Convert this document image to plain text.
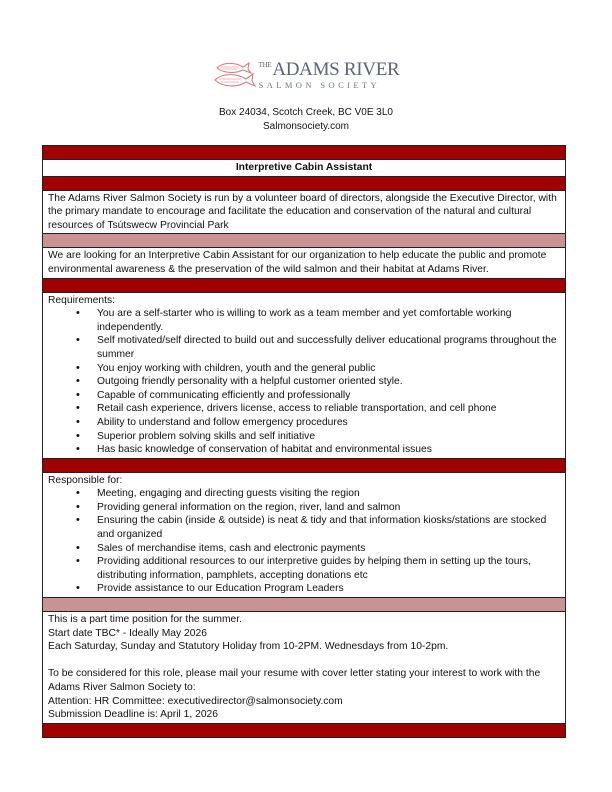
$^{THE}$ADAMS RIVER
SALMON SOCIETY
Box 24034, Scotch Creek, BC V0E 3L0
Salmonsociety.com
Interpretive Cabin Assistant
The Adams River Salmon Society is run by a volunteer board of directors, alongside the Executive Director, with the primary mandate to encourage and facilitate the education and conservation of the natural and cultural resources of Tsútswecw Provincial Park
We are looking for an Interpretive Cabin Assistant for our organization to help educate the public and promote environmental awareness & the preservation of the wild salmon and their habitat at Adams River.
Requirements:
• You are a self-starter who is willing to work as a team member and yet comfortable working independently.
• Self motivated/self directed to build out and successfully deliver educational programs throughout the summer
• You enjoy working with children, youth and the general public
• Outgoing friendly personality with a helpful customer oriented style.
• Capable of communicating efficiently and professionally
• Retail cash experience, drivers license, access to reliable transportation, and cell phone
• Ability to understand and follow emergency procedures
• Superior problem solving skills and self initiative
• Has basic knowledge of conservation of habitat and environmental issues
Responsible for:
• Meeting, engaging and directing guests visiting the region
• Providing general information on the region, river, land and salmon
• Ensuring the cabin (inside & outside) is neat & tidy and that information kiosks/stations are stocked and organized
• Sales of merchandise items, cash and electronic payments
• Providing additional resources to our interpretive guides by helping them in setting up the tours, distributing information, pamphlets, accepting donations etc
• Provide assistance to our Education Program Leaders
This is a part time position for the summer.
Start date TBC* - Ideally May 2026
Each Saturday, Sunday and Statutory Holiday from 10-2PM. Wednesdays from 10-2pm.
To be considered for this role, please mail your resume with cover letter stating your interest to work with the Adams River Salmon Society to:
Attention: HR Committee: executivedirector@salmonsociety.com
Submission Deadline is: April 1, 2026
